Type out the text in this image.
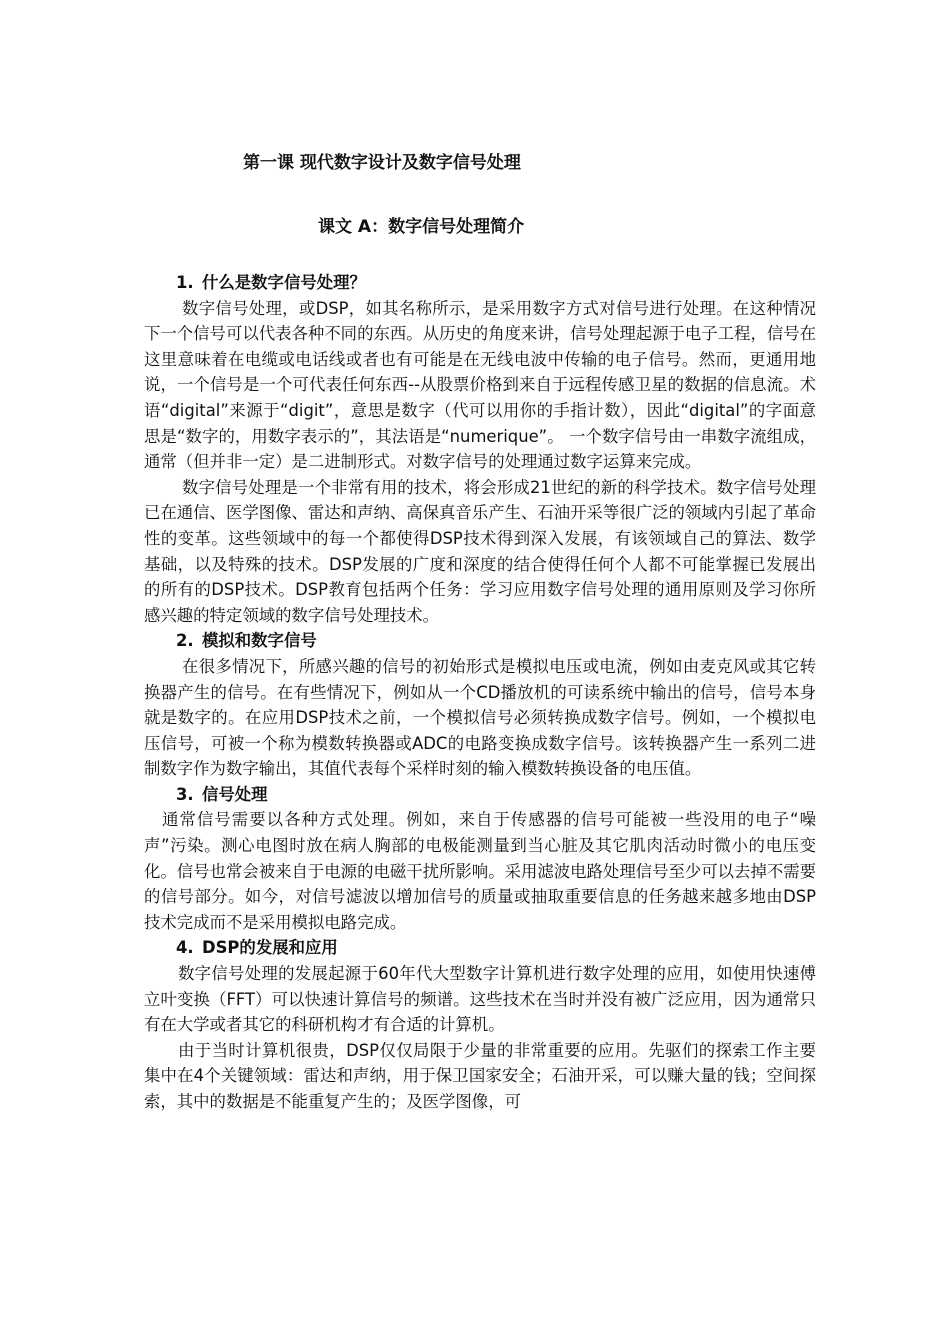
第一课 现代数字设计及数字信号处理
课文 A：数字信号处理简介
1. 什么是数字信号处理？

数字信号处理，或DSP，如其名称所示，是采用数字方式对信号进行处理。在这种情况下一个信号可以代表各种不同的东西。从历史的角度来讲，信号处理起源于电子工程，信号在这里意味着在电缆或电话线或者也有可能是在无线电波中传输的电子信号。然而，更通用地说，一个信号是一个可代表任何东西--从股票价格到来自于远程传感卫星的数据的信息流。术语“digital”来源于“digit”，意思是数字（代可以用你的手指计数），因此“digital”的字面意思是“数字的，用数字表示的”，其法语是“numerique”。 一个数字信号由一串数字流组成，通常（但并非一定）是二进制形式。对数字信号的处理通过数字运算来完成。

数字信号处理是一个非常有用的技术，将会形成21世纪的新的科学技术。数字信号处理已在通信、医学图像、雷达和声纳、高保真音乐产生、石油开采等很广泛的领域内引起了革命性的变革。这些领域中的每一个都使得DSP技术得到深入发展，有该领域自己的算法、数学基础，以及特殊的技术。DSP发展的广度和深度的结合使得任何个人都不可能掌握已发展出的所有的DSP技术。DSP教育包括两个任务：学习应用数字信号处理的通用原则及学习你所感兴趣的特定领域的数字信号处理技术。

2. 模拟和数字信号

在很多情况下，所感兴趣的信号的初始形式是模拟电压或电流，例如由麦克风或其它转换器产生的信号。在有些情况下，例如从一个CD播放机的可读系统中输出的信号，信号本身就是数字的。在应用DSP技术之前，一个模拟信号必须转换成数字信号。例如，一个模拟电压信号，可被一个称为模数转换器或ADC的电路变换成数字信号。该转换器产生一系列二进制数字作为数字输出，其值代表每个采样时刻的输入模数转换设备的电压值。

3. 信号处理

通常信号需要以各种方式处理。例如，来自于传感器的信号可能被一些没用的电子“噪声”污染。测心电图时放在病人胸部的电极能测量到当心脏及其它肌肉活动时微小的电压变化。信号也常会被来自于电源的电磁干扰所影响。采用滤波电路处理信号至少可以去掉不需要的信号部分。如今，对信号滤波以增加信号的质量或抽取重要信息的任务越来越多地由DSP技术完成而不是采用模拟电路完成。

4. DSP的发展和应用

数字信号处理的发展起源于60年代大型数字计算机进行数字处理的应用，如使用快速傅立叶变换（FFT）可以快速计算信号的频谱。这些技术在当时并没有被广泛应用，因为通常只有在大学或者其它的科研机构才有合适的计算机。

由于当时计算机很贵，DSP仅仅局限于少量的非常重要的应用。先驱们的探索工作主要集中在4个关键领域：雷达和声纳，用于保卫国家安全；石油开采，可以赚大量的钱；空间探索，其中的数据是不能重复产生的；及医学图像，可
